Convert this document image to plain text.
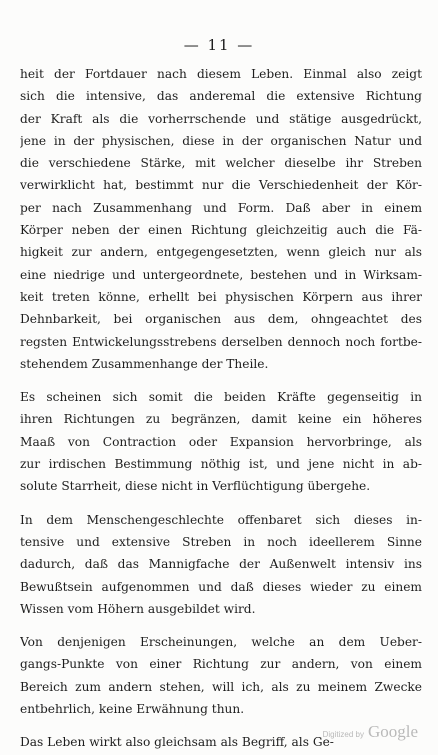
— 11 —
heit der Fortdauer nach diesem Leben. Einmal also zeigt
sich die intensive, das anderemal die extensive Richtung
der Kraft als die vorherrschende und stätige ausgedrückt,
jene in der physischen, diese in der organischen Natur und
die verschiedene Stärke, mit welcher dieselbe ihr Streben
verwirklicht hat, bestimmt nur die Verschiedenheit der Kör-
per nach Zusammenhang und Form. Daß aber in einem
Körper neben der einen Richtung gleichzeitig auch die Fä-
higkeit zur andern, entgegengesetzten, wenn gleich nur als
eine niedrige und untergeordnete, bestehen und in Wirksam-
keit treten könne, erhellt bei physischen Körpern aus ihrer
Dehnbarkeit, bei organischen aus dem, ohngeachtet des
regsten Entwickelungsstrebens derselben dennoch noch fortbe-
stehendem Zusammenhange der Theile.
Es scheinen sich somit die beiden Kräfte gegenseitig in
ihren Richtungen zu begränzen, damit keine ein höheres
Maaß von Contraction oder Expansion hervorbringe, als
zur irdischen Bestimmung nöthig ist, und jene nicht in ab-
solute Starrheit, diese nicht in Verflüchtigung übergehe.
In dem Menschengeschlechte offenbaret sich dieses in-
tensive und extensive Streben in noch ideellerem Sinne
dadurch, daß das Mannigfache der Außenwelt intensiv ins
Bewußtsein aufgenommen und daß dieses wieder zu einem
Wissen vom Höhern ausgebildet wird.
Von denjenigen Erscheinungen, welche an dem Ueber-
gangs-Punkte von einer Richtung zur andern, von einem
Bereich zum andern stehen, will ich, als zu meinem Zwecke
entbehrlich, keine Erwähnung thun.
Das Leben wirkt also gleichsam als Begriff, als Ge-
Digitized by Google
